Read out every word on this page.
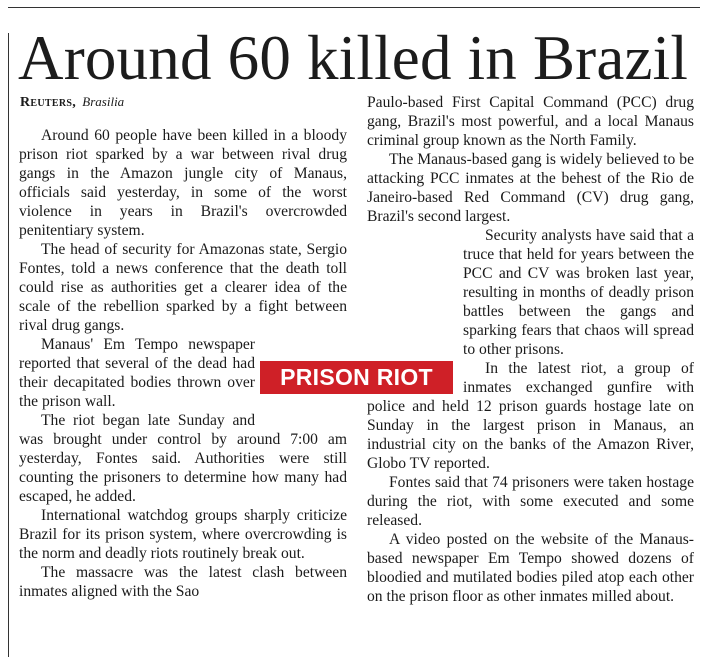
Around 60 killed in Brazil
Reuters, Brasilia

Around 60 people have been killed in a bloody prison riot sparked by a war between rival drug gangs in the Amazon jungle city of Manaus, officials said yesterday, in some of the worst violence in years in Brazil's overcrowded penitentiary system.

The head of security for Amazonas state, Sergio Fontes, told a news conference that the death toll could rise as authorities get a clearer idea of the scale of the rebellion sparked by a fight between rival drug gangs.

Manaus' Em Tempo newspaper reported that several of the dead had their decapitated bodies thrown over the prison wall.

The riot began late Sunday and was brought under control by around 7:00 am yesterday, Fontes said. Authorities were still counting the prisoners to determine how many had escaped, he added.

International watchdog groups sharply criticize Brazil for its prison system, where overcrowding is the norm and deadly riots routinely break out.

The massacre was the latest clash between inmates aligned with the Sao

Paulo-based First Capital Command (PCC) drug gang, Brazil's most powerful, and a local Manaus criminal group known as the North Family.

The Manaus-based gang is widely believed to be attacking PCC inmates at the behest of the Rio de Janeiro-based Red Command (CV) drug gang, Brazil's second largest.

Security analysts have said that a truce that held for years between the PCC and CV was broken last year, resulting in months of deadly prison battles between the gangs and sparking fears that chaos will spread to other prisons.

In the latest riot, a group of inmates exchanged gunfire with police and held 12 prison guards hostage late on Sunday in the largest prison in Manaus, an industrial city on the banks of the Amazon River, Globo TV reported.

Fontes said that 74 prisoners were taken hostage during the riot, with some executed and some released.

A video posted on the website of the Manaus-based newspaper Em Tempo showed dozens of bloodied and mutilated bodies piled atop each other on the prison floor as other inmates milled about.

PRISON RIOT
